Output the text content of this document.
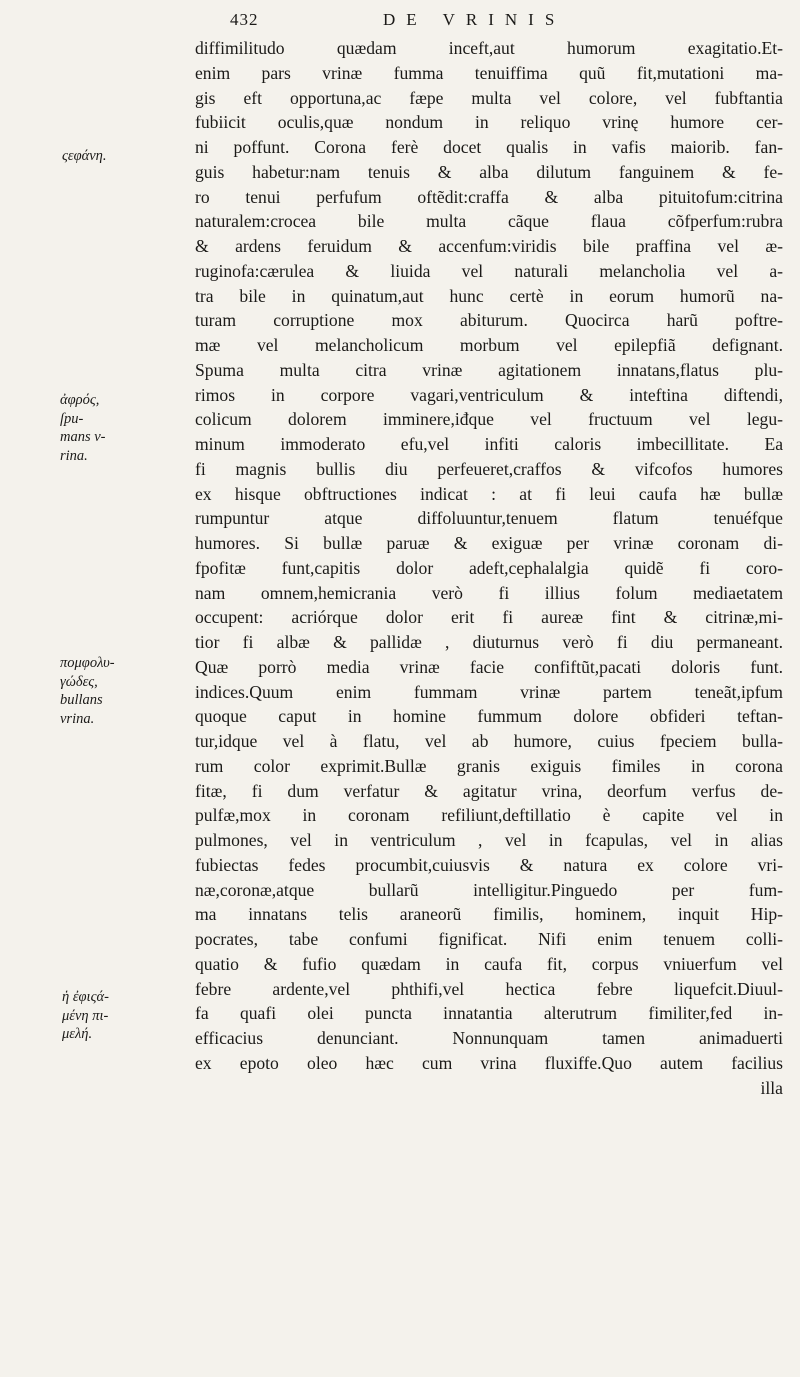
432	DE VRINIS
ςεφάνη.
ἀφρός,
ſpu-
mans v-
rina.
πομφολυ-
γώδες,
bullans
vrina.
ἡ ἐφιςά-
μένη πι-
μελή.
diffimilitudo quædam inceft,aut humorum exagitatio.Et-
enim pars vrinæ fumma tenuiffima quũ fit,mutationi ma-
gis eft opportuna,ac fæpe multa vel colore, vel fubftantia
fubiicit oculis,quæ nondum in reliquo vrinę humore cer-
ni poffunt. Corona ferè docet qualis in vafis maiorib. fan-
guis habetur:nam tenuis & alba dilutum fanguinem & fe-
ro tenui perfufum oftẽdit:craffa & alba pituitofum:citrina
naturalem:crocea bile multa cãque flaua cõfperfum:rubra
& ardens feruidum & accenfum:viridis bile praffina vel æ-
ruginofa:cærulea & liuida vel naturali melancholia vel a-
tra bile in quinatum,aut hunc certè in eorum humorũ na-
turam corruptione mox abiturum. Quocirca harũ poftre-
mæ vel melancholicum morbum vel epilepfiã defignant.
Spuma multa citra vrinæ agitationem innatans,flatus plu-
rimos in corpore vagari,ventriculum & inteftina diftendi,
colicum dolorem imminere,iđque vel fructuum vel legu-
minum immoderato efu,vel infiti caloris imbecillitate. Ea
fi magnis bullis diu perfeueret,craffos & vifcofos humores
ex hisque obftructiones indicat : at fi leui caufa hæ bullæ
rumpuntur atque diffoluuntur,tenuem flatum tenuéfque
humores. Si bullæ paruæ & exiguæ per vrinæ coronam di-
fpofitæ funt,capitis dolor adeft,cephalalgia quidẽ fi coro-
nam omnem,hemicrania verò fi illius folum mediaetatem
occupent: acriórque dolor erit fi aureæ fint & citrinæ,mi-
tior fi albæ & pallidæ , diuturnus verò fi diu permaneant.
Quæ porrò media vrinæ facie confiftũt,pacati doloris funt.
indices.Quum enim fummam vrinæ partem teneãt,ipfum
quoque caput in homine fummum dolore obfideri teftan-
tur,idque vel à flatu, vel ab humore, cuius fpeciem bulla-
rum color exprimit.Bullæ granis exiguis fimiles in corona
fitæ, fi dum verfatur & agitatur vrina, deorfum verfus de-
pulfæ,mox in coronam refiliunt,deftillatio è capite vel in
pulmones, vel in ventriculum , vel in fcapulas, vel in alias
fubiectas fedes procumbit,cuiusvis & natura ex colore vri-
næ,coronæ,atque bullarũ intelligitur.Pinguedo per fum-
ma innatans telis araneorũ fimilis, hominem, inquit Hip-
pocrates, tabe confumi fignificat. Nifi enim tenuem colli-
quatio & fufio quædam in caufa fit, corpus vniuerfum vel
febre ardente,vel phthifi,vel hectica febre liquefcit.Diuul-
fa quafi olei puncta innatantia alterutrum fimiliter,fed in-
efficacius denunciant. Nonnunquam tamen animaduerti
ex epoto oleo hæc cum vrina fluxiffe.Quo autem facilius
illa
